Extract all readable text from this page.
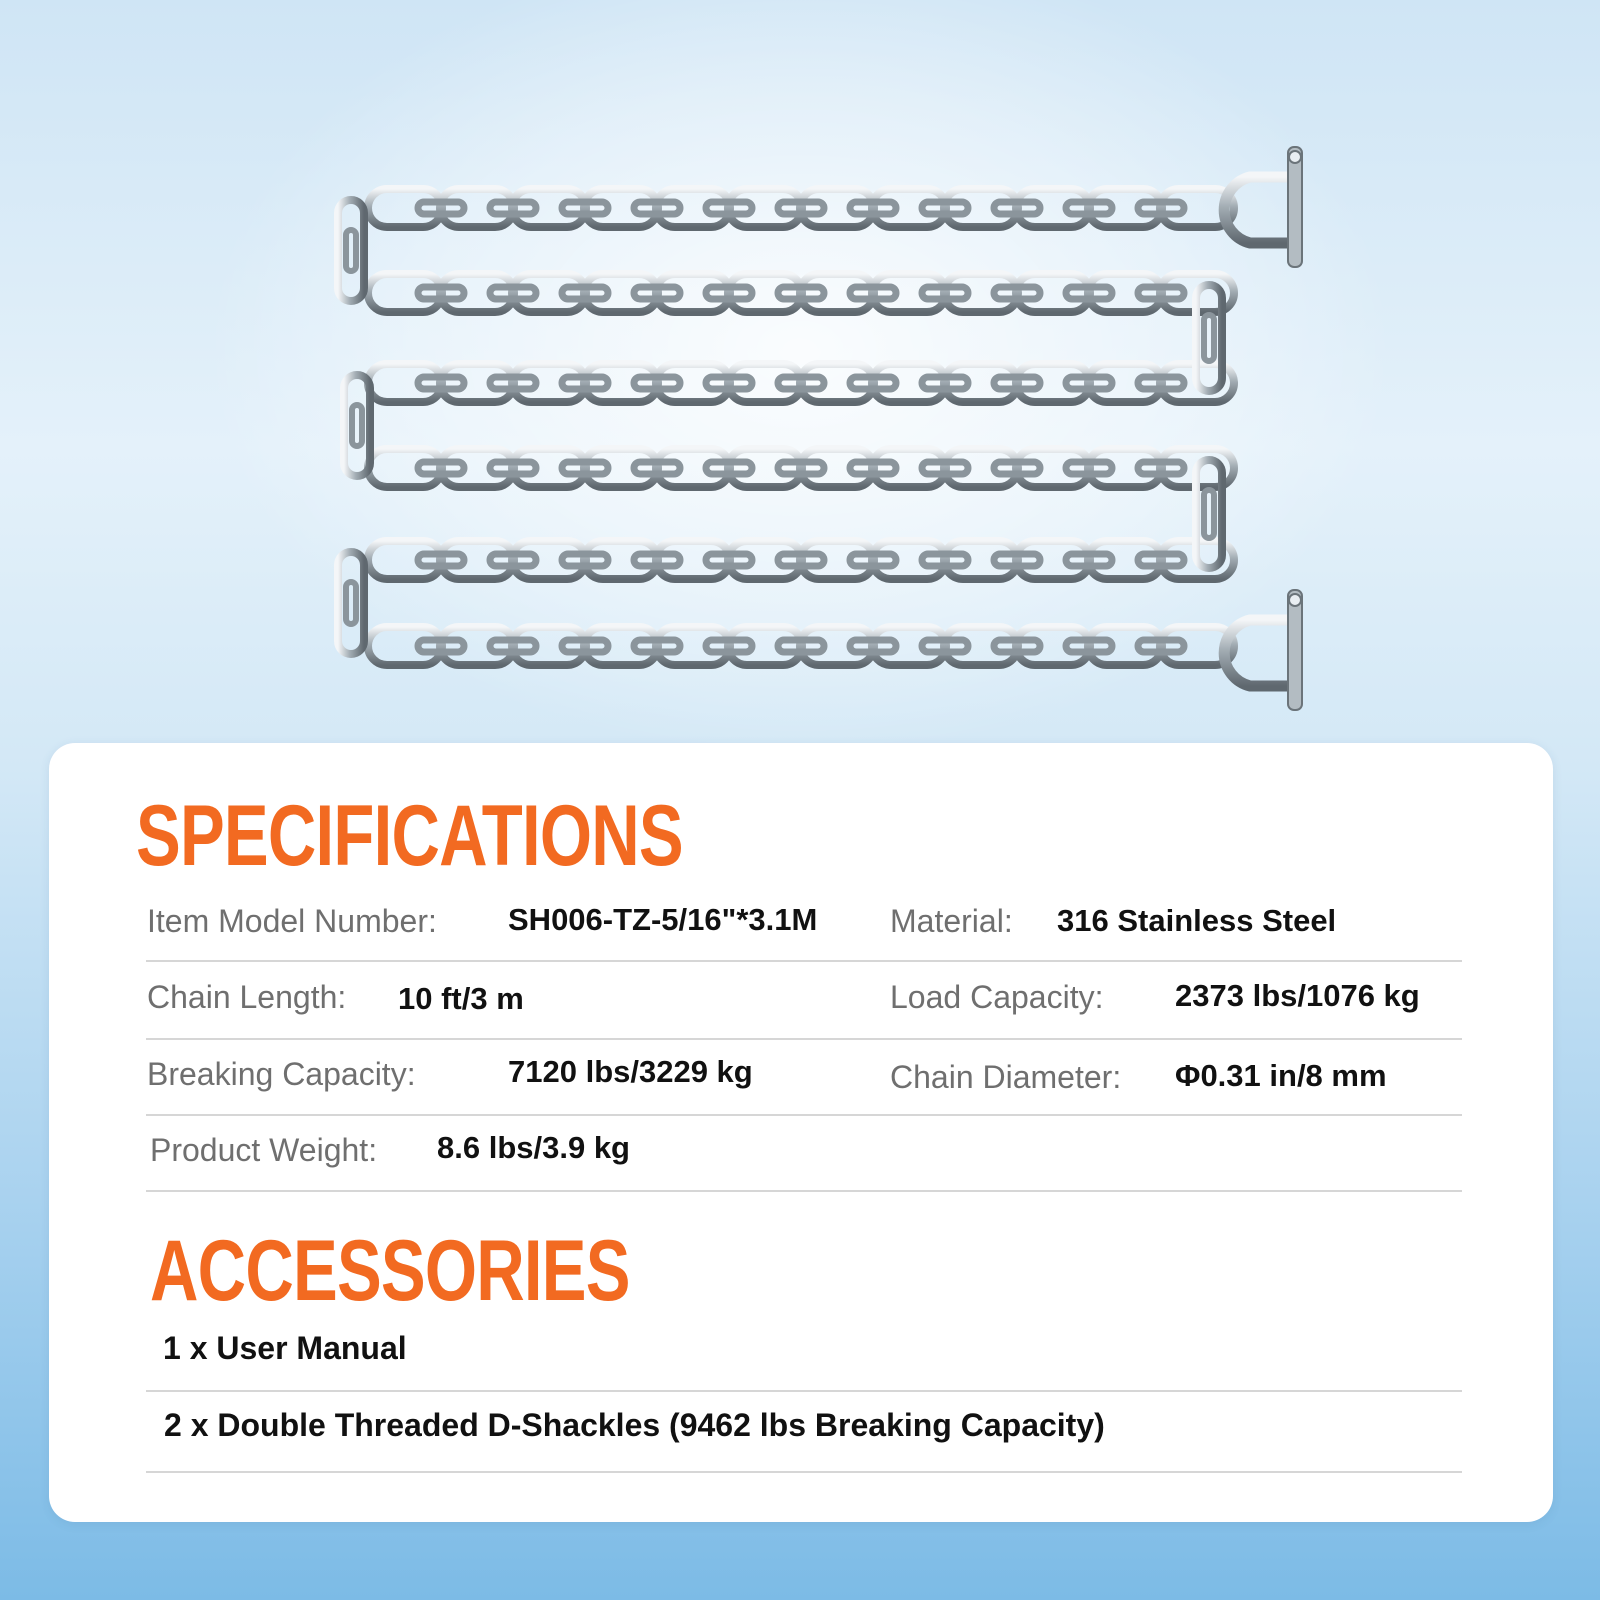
SPECIFICATIONS
Item Model Number: SH006-TZ-5/16"*3.1M Material: 316 Stainless Steel
Chain Length: 10 ft/3 m	Load Capacity: 2373 lbs/1076 kg
Breaking Capacity:	7120 lbs/3229 kg	Chain Diameter: Φ0.31 in/8 mm
Product Weight: 8.6 lbs/3.9 kg
ACCESSORIES
1 x User Manual
2 x Double Threaded D-Shackles (9462 lbs Breaking Capacity)
